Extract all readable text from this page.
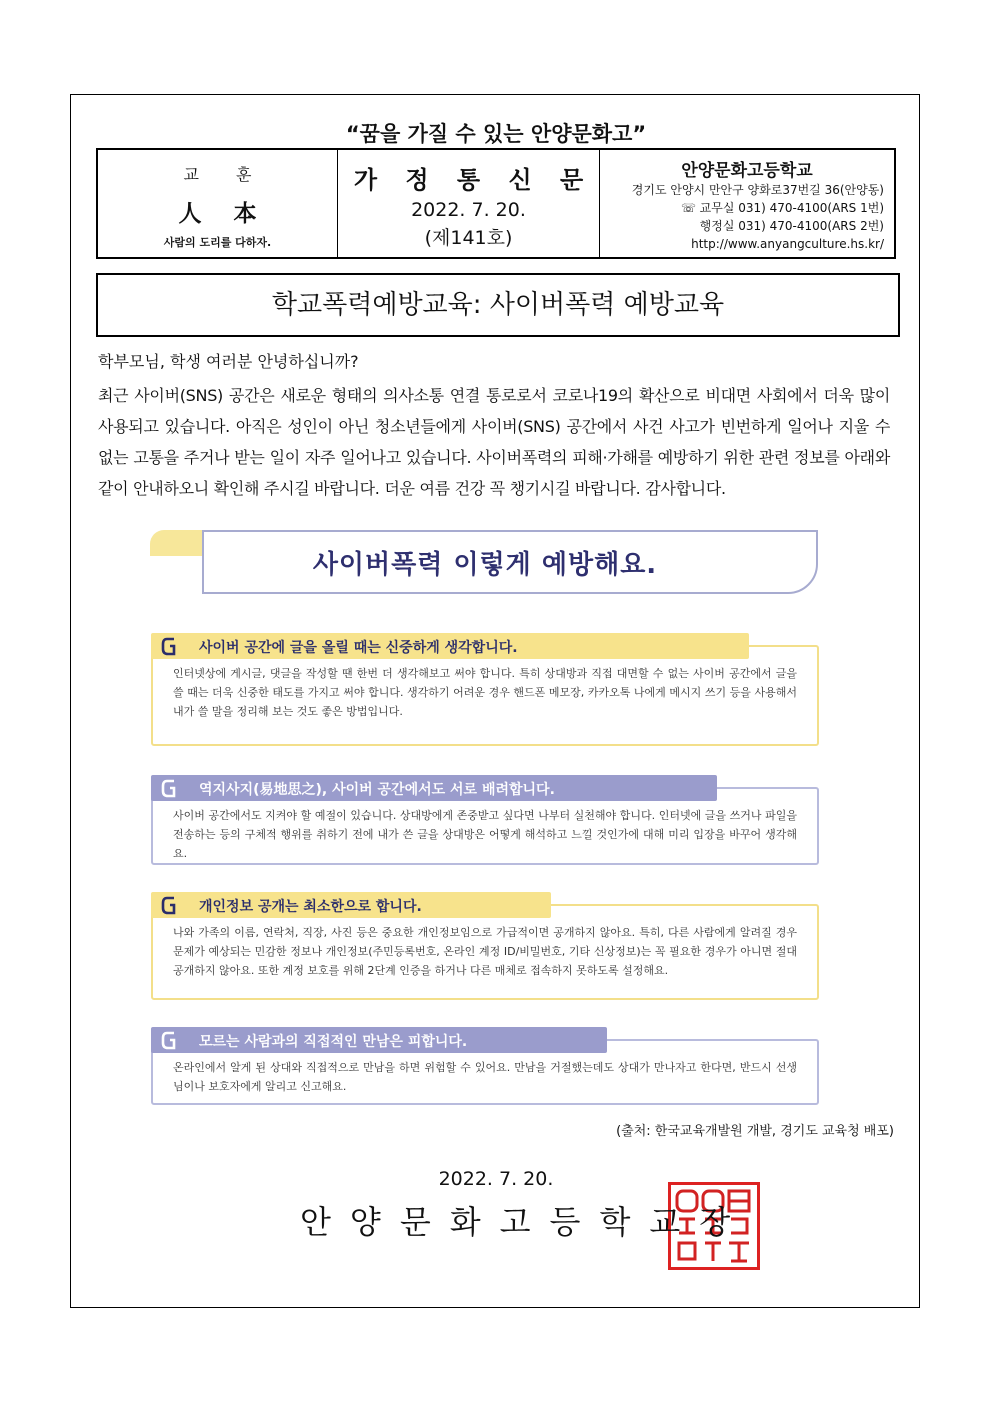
“꿈을 가질 수 있는 안양문화고”
교 훈
人 本
사람의 도리를 다하자.
가 정 통 신 문
2022. 7. 20.
(제141호)
안양문화고등학교
경기도 안양시 만안구 양화로37번길 36(안양동)
☏ 교무실 031) 470-4100(ARS 1번)
행정실 031) 470-4100(ARS 2번)
http://www.anyangculture.hs.kr/
학교폭력예방교육: 사이버폭력 예방교육
학부모님, 학생 여러분 안녕하십니까?
최근 사이버(SNS) 공간은 새로운 형태의 의사소통 연결 통로로서 코로나19의 확산으로 비대면 사회에서 더욱 많이 사용되고 있습니다. 아직은 성인이 아닌 청소년들에게 사이버(SNS) 공간에서 사건 사고가 빈번하게 일어나 지울 수 없는 고통을 주거나 받는 일이 자주 일어나고 있습니다. 사이버폭력의 피해·가해를 예방하기 위한 관련 정보를 아래와 같이 안내하오니 확인해 주시길 바랍니다. 더운 여름 건강 꼭 챙기시길 바랍니다. 감사합니다.
사이버폭력 이렇게 예방해요.
인터넷상에 게시글, 댓글을 작성할 땐 한번 더 생각해보고 써야 합니다. 특히 상대방과 직접 대면할 수 없는 사이버 공간에서 글을 쓸 때는 더욱 신중한 태도를 가지고 써야 합니다. 생각하기 어려운 경우 핸드폰 메모장, 카카오톡 나에게 메시지 쓰기 등을 사용해서 내가 쓸 말을 정리해 보는 것도 좋은 방법입니다.
사이버 공간에 글을 올릴 때는 신중하게 생각합니다.
사이버 공간에서도 지켜야 할 예절이 있습니다. 상대방에게 존중받고 싶다면 나부터 실천해야 합니다. 인터넷에 글을 쓰거나 파일을 전송하는 등의 구체적 행위를 취하기 전에 내가 쓴 글을 상대방은 어떻게 해석하고 느낄 것인가에 대해 미리 입장을 바꾸어 생각해요.
역지사지(易地思之), 사이버 공간에서도 서로 배려합니다.
나와 가족의 이름, 연락처, 직장, 사진 등은 중요한 개인정보임으로 가급적이면 공개하지 않아요. 특히, 다른 사람에게 알려질 경우 문제가 예상되는 민감한 정보나 개인정보(주민등록번호, 온라인 계정 ID/비밀번호, 기타 신상정보)는 꼭 필요한 경우가 아니면 절대 공개하지 않아요. 또한 계정 보호를 위해 2단계 인증을 하거나 다른 매체로 접속하지 못하도록 설정해요.
개인정보 공개는 최소한으로 합니다.
온라인에서 알게 된 상대와 직접적으로 만남을 하면 위험할 수 있어요. 만남을 거절했는데도 상대가 만나자고 한다면, 반드시 선생님이나 보호자에게 알리고 신고해요.
모르는 사람과의 직접적인 만남은 피합니다.
(출처: 한국교육개발원 개발, 경기도 교육청 배포)
2022. 7. 20.
안양문화고등학교장
